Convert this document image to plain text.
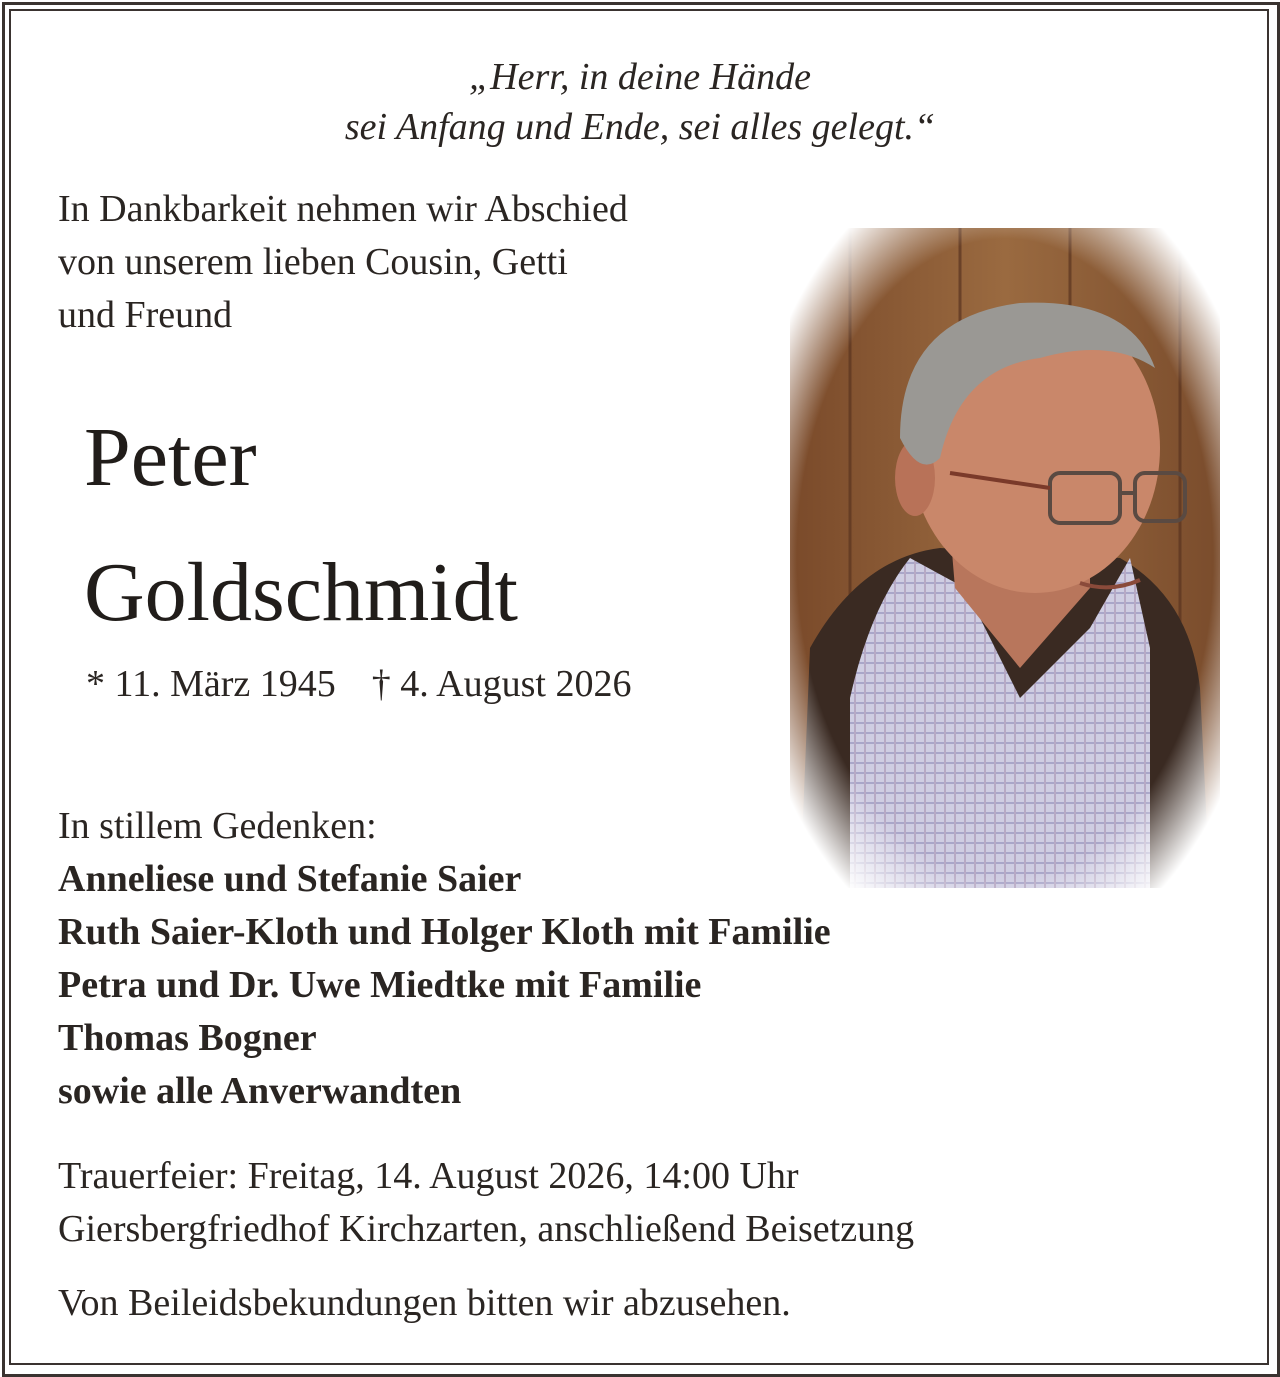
„Herr, in deine Hände
sei Anfang und Ende, sei alles gelegt.“
In Dankbarkeit nehmen wir Abschied
von unserem lieben Cousin, Getti
und Freund
Peter
Goldschmidt
* 11. März 1945 † 4. August 2026
In stillem Gedenken:
Anneliese und Stefanie Saier
Ruth Saier-Kloth und Holger Kloth mit Familie
Petra und Dr. Uwe Miedtke mit Familie
Thomas Bogner
sowie alle Anverwandten
Trauerfeier: Freitag, 14. August 2026, 14:00 Uhr
Giersbergfriedhof Kirchzarten, anschließend Beisetzung
Von Beileidsbekundungen bitten wir abzusehen.
